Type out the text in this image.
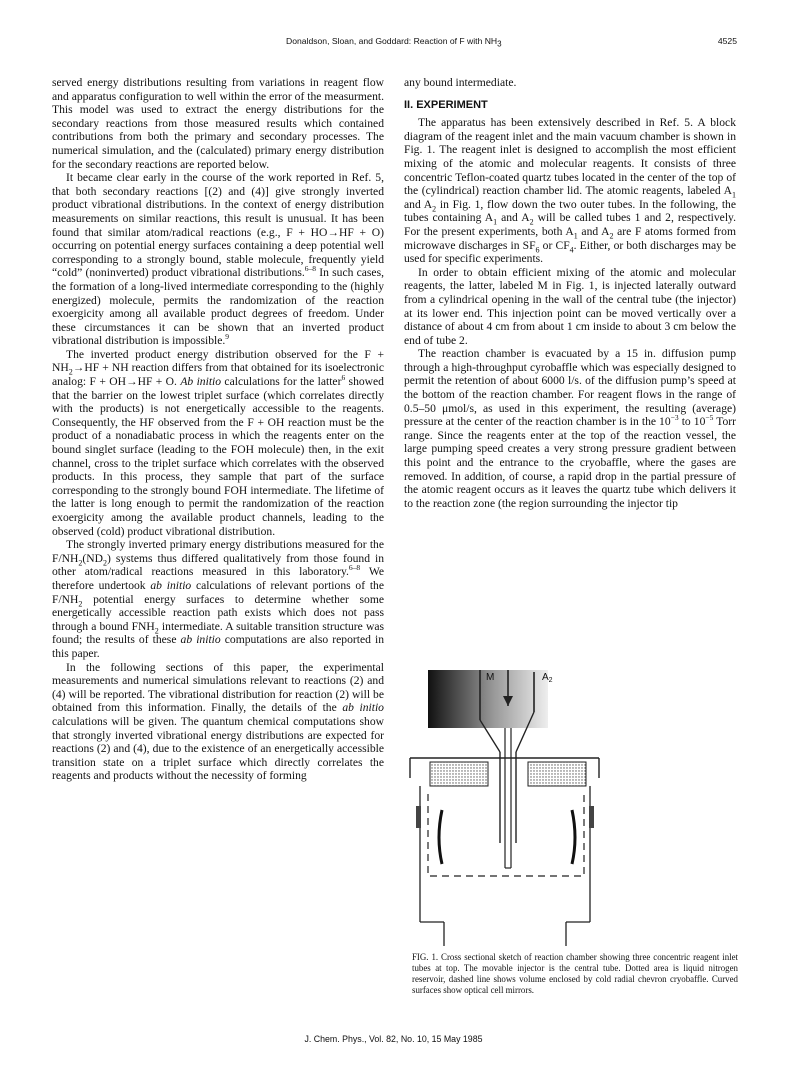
Donaldson, Sloan, and Goddard: Reaction of F with $NH_3$	4525

served energy distributions resulting from variations in reagent flow and apparatus configuration to well within the error of the measurment. This model was used to extract the energy distributions for the secondary reactions from those measured results which contained contributions from both the primary and secondary processes. The numerical simulation, and the (calculated) primary energy distribution for the secondary reactions are reported below.

It became clear early in the course of the work reported in Ref. 5, that both secondary reactions [(2) and (4)] give strongly inverted product vibrational distributions. In the context of energy distribution measurements on similar reactions, this result is unusual. It has been found that similar atom/radical reactions (e.g., F + HO→HF + O) occurring on potential energy surfaces containing a deep potential well corresponding to a strongly bound, stable molecule, frequently yield “cold” (noninverted) product vibrational distributions.$^{6-8}$ In such cases, the formation of a long-lived intermediate corresponding to the (highly energized) molecule, permits the randomization of the reaction exoergicity among all available product degrees of freedom. Under these circumstances it can be shown that an inverted product vibrational distribution is impossible.$^9$

The inverted product energy distribution observed for the $F + NH_2\to HF$ + NH reaction differs from that obtained for its isoelectronic analog: F + OH→HF + O. Ab initio calculations for the latter$^6$ showed that the barrier on the lowest triplet surface (which correlates directly with the products) is not energetically accessible to the reagents. Consequently, the HF observed from the F + OH reaction must be the product of a nonadiabatic process in which the reagents enter on the bound singlet surface (leading to the FOH molecule) then, in the exit channel, cross to the triplet surface which correlates with the observed products. In this process, they sample that part of the surface corresponding to the strongly bound FOH intermediate. The lifetime of the latter is long enough to permit the randomization of the reaction exoergicity among the available product channels, leading to the observed (cold) product vibrational distribution.

The strongly inverted primary energy distributions measured for the $F/NH_2(ND_2)$ systems thus differed qualitatively from those found in other atom/radical reactions measured in this laboratory.$^{6-8}$ We therefore undertook ab initio calculations of relevant portions of the $F/NH_2$ potential energy surfaces to determine whether some energetically accessible reaction path exists which does not pass through a bound $FNH_2$ intermediate. A suitable transition structure was found; the results of these ab initio computations are also reported in this paper.

In the following sections of this paper, the experimental measurements and numerical simulations relevant to reactions (2) and (4) will be reported. The vibrational distribution for reaction (2) will be obtained from this information. Finally, the details of the ab initio calculations will be given. The quantum chemical computations show that strongly inverted vibrational energy distributions are expected for reactions (2) and (4), due to the existence of an energetically accessible transition state on a triplet surface which directly correlates the reagents and products without the necessity of forming

any bound intermediate.

II. EXPERIMENT

The apparatus has been extensively described in Ref. 5. A block diagram of the reagent inlet and the main vacuum chamber is shown in Fig. 1. The reagent inlet is designed to accomplish the most efficient mixing of the atomic and molecular reagents. It consists of three concentric Teflon-coated quartz tubes located in the center of the top of the (cylindrical) reaction chamber lid. The atomic reagents, labeled $A_1$ and $A_2$ in Fig. 1, flow down the two outer tubes. In the following, the tubes containing $A_1$ and $A_2$ will be called tubes 1 and 2, respectively. For the present experiments, both $A_1$ and $A_2$ are F atoms formed from microwave discharges in $SF_6$ or $CF_4$. Either, or both discharges may be used for specific experiments.

In order to obtain efficient mixing of the atomic and molecular reagents, the latter, labeled M in Fig. 1, is injected laterally outward from a cylindrical opening in the wall of the central tube (the injector) at its lower end. This injection point can be moved vertically over a distance of about 4 cm from about 1 cm inside to about 3 cm below the end of tube 2.

The reaction chamber is evacuated by a 15 in. diffusion pump through a high-throughput cyrobaffle which was especially designed to permit the retention of about 6000 l/s. of the diffusion pump’s speed at the bottom of the reaction chamber. For reagent flows in the range of 0.5–50 μmol/s, as used in this experiment, the resulting (average) pressure at the center of the reaction chamber is in the $10^{-3}$ to $10^{-5}$ Torr range. Since the reagents enter at the top of the reaction vessel, the large pumping speed creates a very strong pressure gradient between this point and the entrance to the cryobaffle, where the gases are removed. In addition, of course, a rapid drop in the partial pressure of the atomic reagent occurs as it leaves the quartz tube which delivers it to the reaction zone (the region surrounding the injector tip

M	$A_2$
FIG. 1. Cross sectional sketch of reaction chamber showing three concentric reagent inlet tubes at top. The movable injector is the central tube. Dotted area is liquid nitrogen reservoir, dashed line shows volume enclosed by cold radial chevron cryobaffle. Curved surfaces show optical cell mirrors.
J. Chem. Phys., Vol. 82, No. 10, 15 May 1985
